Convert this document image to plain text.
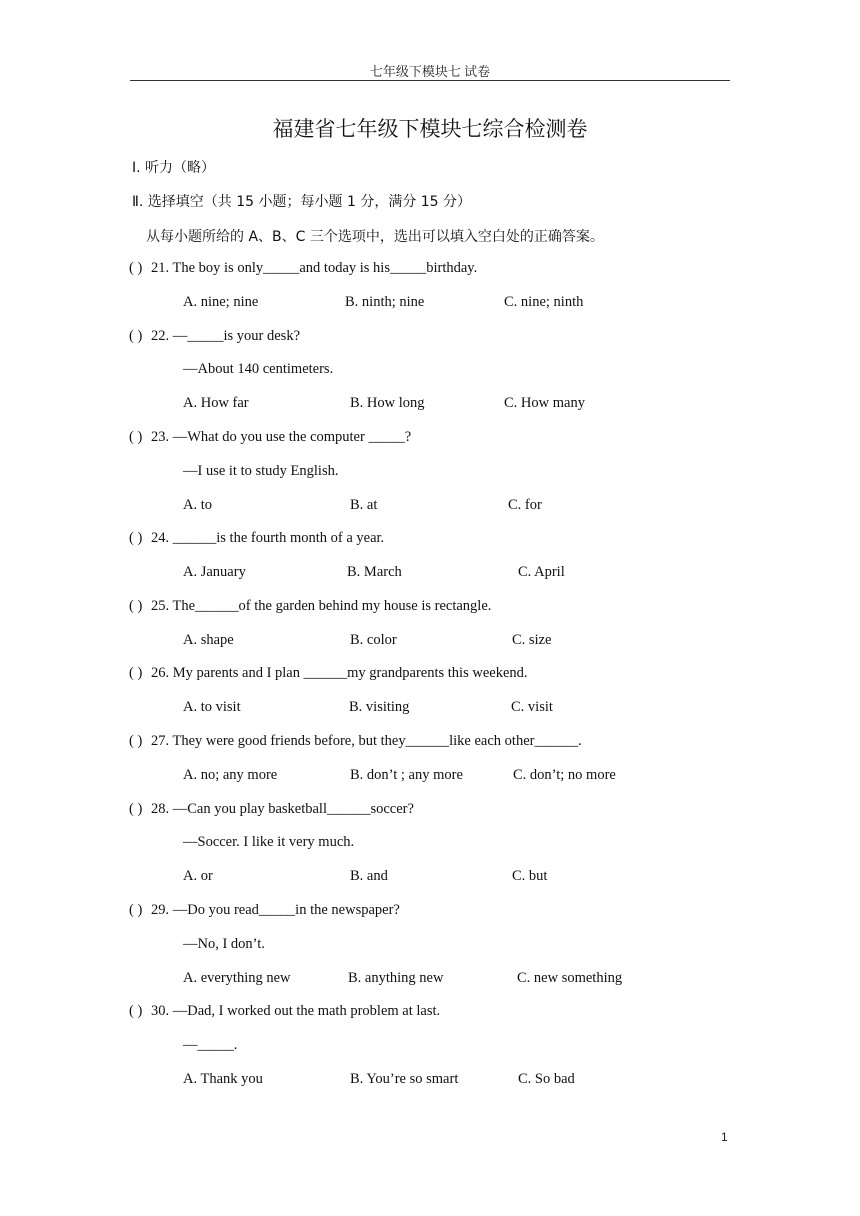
七年级下模块七 试卷
福建省七年级下模块七综合检测卷
Ⅰ. 听力（略）
Ⅱ. 选择填空（共 15 小题；每小题 1 分，满分 15 分）
从每小题所给的 A、B、C 三个选项中，选出可以填入空白处的正确答案。
( ) 21. The boy is only_____and today is his_____birthday.
A. nine; nine	B. ninth; nine	C. nine; ninth
( ) 22. —_____is your desk?
—About 140 centimeters.
A. How far	B. How long	C. How many
( ) 23. —What do you use the computer _____?
—I use it to study English.
A. to	B. at	C. for
( ) 24. ______is the fourth month of a year.
A. January	B. March	C. April
( ) 25. The______of the garden behind my house is rectangle.
A. shape	B. color	C. size
( ) 26. My parents and I plan ______my grandparents this weekend.
A. to visit	B. visiting	C. visit
( ) 27. They were good friends before, but they______like each other______.
A. no; any more	B. don’t ; any more	C. don’t; no more
( ) 28. —Can you play basketball______soccer?
—Soccer. I like it very much.
A. or	B. and	C. but
( ) 29. —Do you read_____in the newspaper?
—No, I don’t.
A. everything new	B. anything new	C. new something
( ) 30. —Dad, I worked out the math problem at last.
—_____.
A. Thank you	B. You’re so smart	C. So bad
1
